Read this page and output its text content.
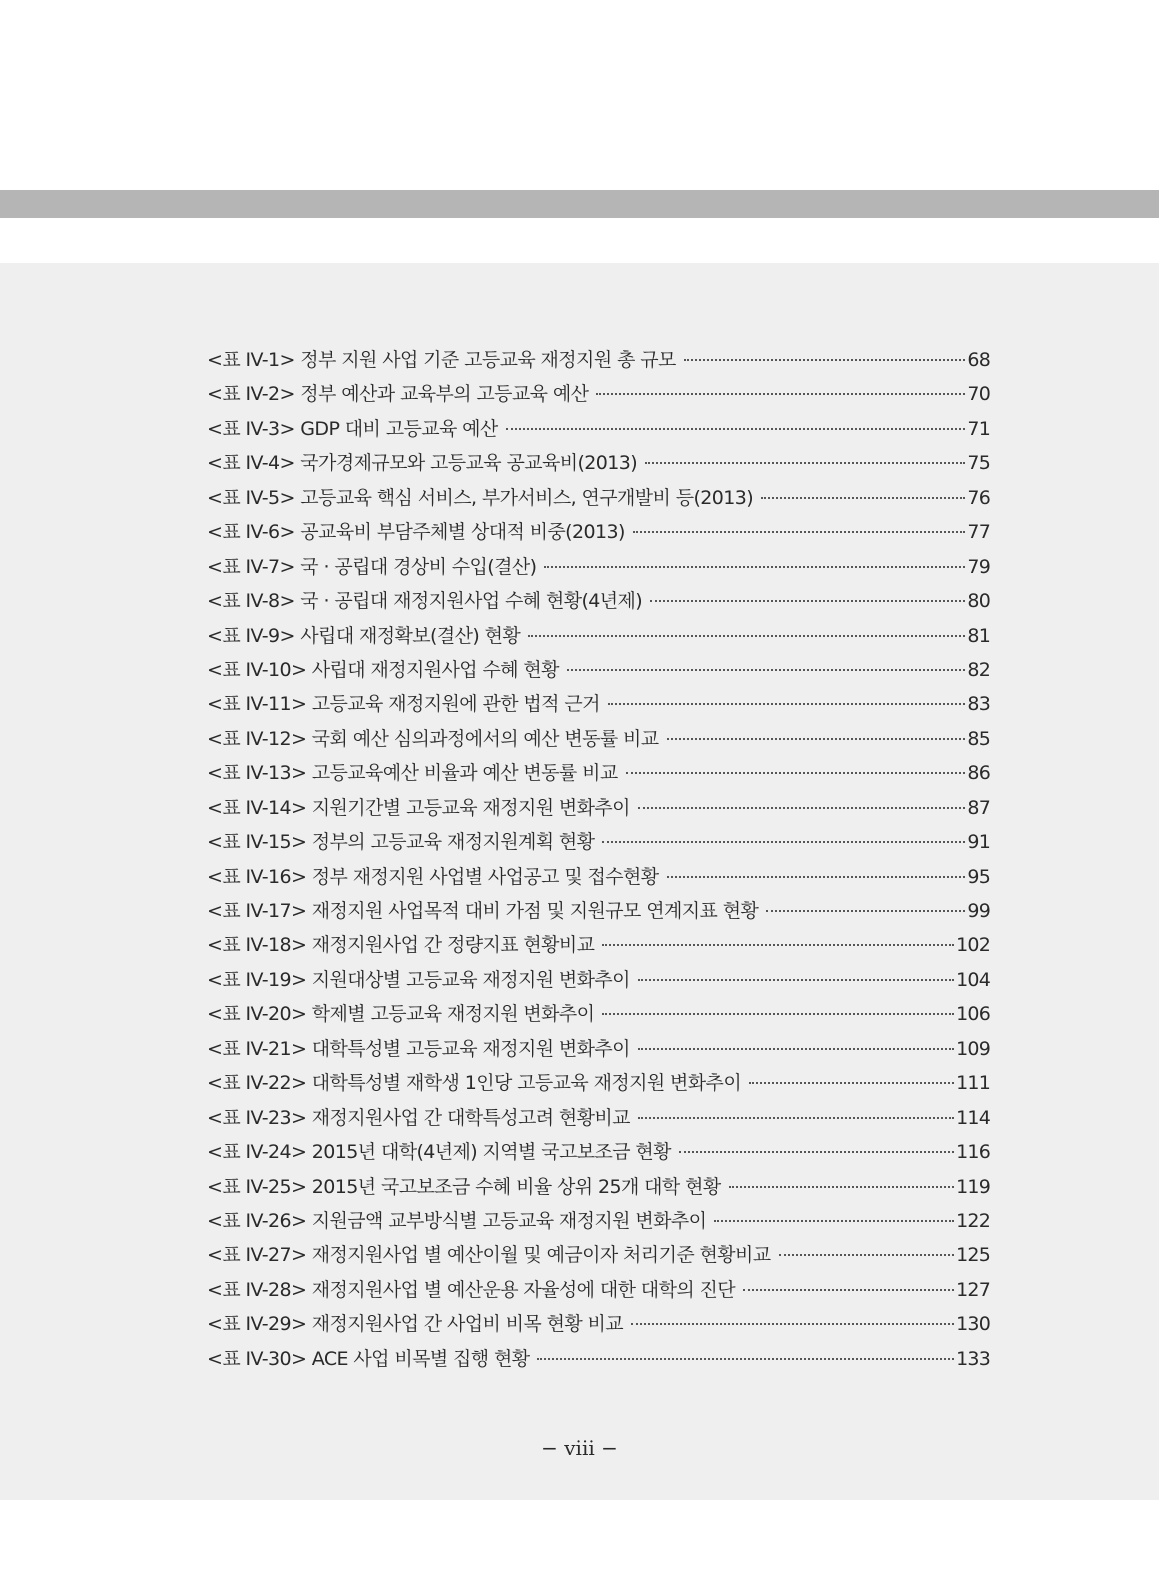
<표 IV-1> 정부 지원 사업 기준 고등교육 재정지원 총 규모	68
<표 IV-2> 정부 예산과 교육부의 고등교육 예산	70
<표 IV-3> GDP 대비 고등교육 예산	71
<표 IV-4> 국가경제규모와 고등교육 공교육비(2013)	75
<표 IV-5> 고등교육 핵심 서비스, 부가서비스, 연구개발비 등(2013)	76
<표 IV-6> 공교육비 부담주체별 상대적 비중(2013)	77
<표 IV-7> 국 · 공립대 경상비 수입(결산)	79
<표 IV-8> 국 · 공립대 재정지원사업 수혜 현황(4년제)	80
<표 IV-9> 사립대 재정확보(결산) 현황	81
<표 IV-10> 사립대 재정지원사업 수혜 현황	82
<표 IV-11> 고등교육 재정지원에 관한 법적 근거	83
<표 IV-12> 국회 예산 심의과정에서의 예산 변동률 비교	85
<표 IV-13> 고등교육예산 비율과 예산 변동률 비교	86
<표 IV-14> 지원기간별 고등교육 재정지원 변화추이	87
<표 IV-15> 정부의 고등교육 재정지원계획 현황	91
<표 IV-16> 정부 재정지원 사업별 사업공고 및 접수현황	95
<표 IV-17> 재정지원 사업목적 대비 가점 및 지원규모 연계지표 현황	99
<표 IV-18> 재정지원사업 간 정량지표 현황비교	102
<표 IV-19> 지원대상별 고등교육 재정지원 변화추이	104
<표 IV-20> 학제별 고등교육 재정지원 변화추이	106
<표 IV-21> 대학특성별 고등교육 재정지원 변화추이	109
<표 IV-22> 대학특성별 재학생 1인당 고등교육 재정지원 변화추이	111
<표 IV-23> 재정지원사업 간 대학특성고려 현황비교	114
<표 IV-24> 2015년 대학(4년제) 지역별 국고보조금 현황	116
<표 IV-25> 2015년 국고보조금 수혜 비율 상위 25개 대학 현황	119
<표 IV-26> 지원금액 교부방식별 고등교육 재정지원 변화추이	122
<표 IV-27> 재정지원사업 별 예산이월 및 예금이자 처리기준 현황비교	125
<표 IV-28> 재정지원사업 별 예산운용 자율성에 대한 대학의 진단	127
<표 IV-29> 재정지원사업 간 사업비 비목 현황 비교	130
<표 IV-30> ACE 사업 비목별 집행 현황	133
− viii −
